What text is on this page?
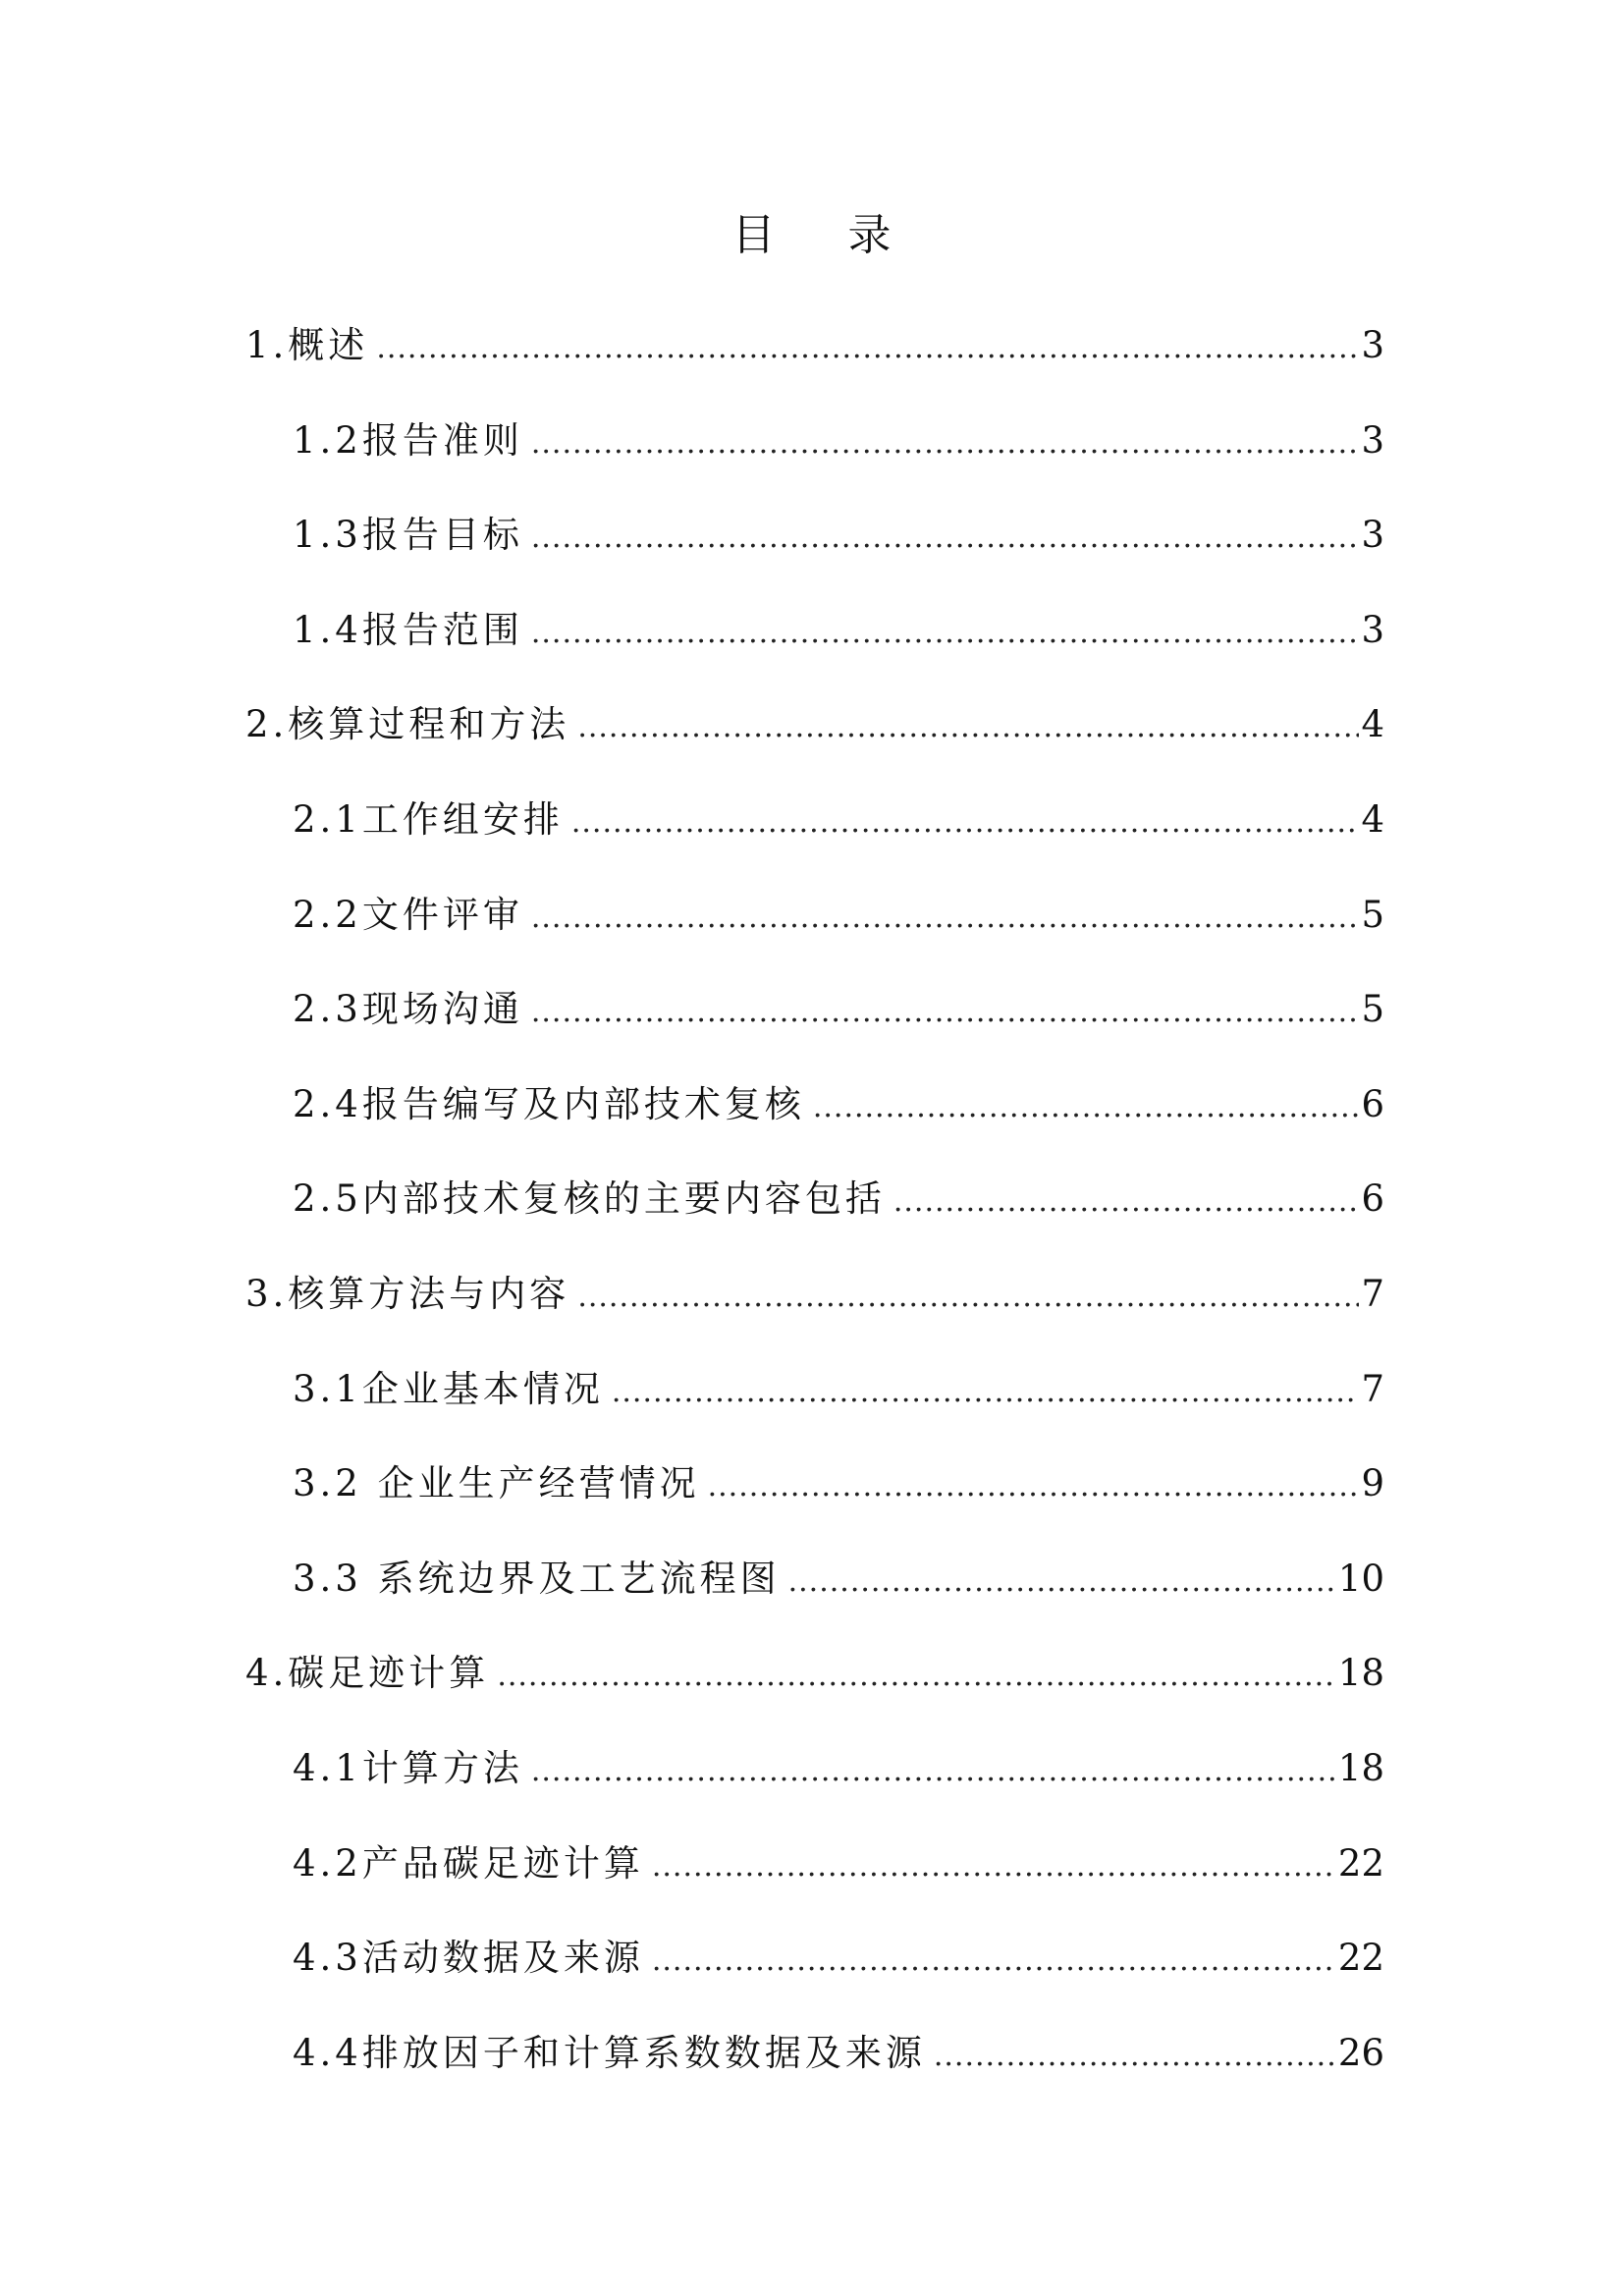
目 录
1.概述 .....	3
1.2报告准则 .....	3
1.3报告目标 .....	3
1.4报告范围 .....	3
2.核算过程和方法 .....	4
2.1工作组安排 .....	4
2.2文件评审 .....	5
2.3现场沟通 .....	5
2.4报告编写及内部技术复核 .....	6
2.5内部技术复核的主要内容包括 .....	6
3.核算方法与内容 .....	7
3.1企业基本情况 .....	7
3.2 企业生产经营情况 .....	9
3.3 系统边界及工艺流程图 .....	10
4.碳足迹计算 .....	18
4.1计算方法 .....	18
4.2产品碳足迹计算 .....	22
4.3活动数据及来源 .....	22
4.4排放因子和计算系数数据及来源 .....	26
